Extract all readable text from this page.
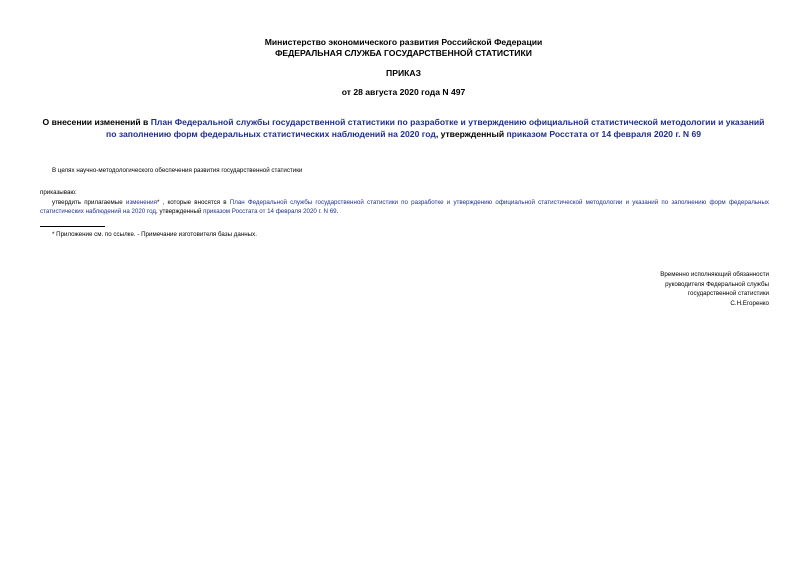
Министерство экономического развития Российской Федерации
ФЕДЕРАЛЬНАЯ СЛУЖБА ГОСУДАРСТВЕННОЙ СТАТИСТИКИ
ПРИКАЗ
от 28 августа 2020 года N 497
О внесении изменений в План Федеральной службы государственной статистики по разработке и утверждению официальной статистической методологии и указаний по заполнению форм федеральных статистических наблюдений на 2020 год, утвержденный приказом Росстата от 14 февраля 2020 г. N 69
В целях научно-методологического обеспечения развития государственной статистики
приказываю:
утвердить прилагаемые изменения* , которые вносятся в План Федеральной службы государственной статистики по разработке и утверждению официальной статистической методологии и указаний по заполнению форм федеральных статистических наблюдений на 2020 год, утвержденный приказом Росстата от 14 февраля 2020 г. N 69.
* Приложение см. по ссылке. - Примечание изготовителя базы данных.
Временно исполняющий обязанности
руководителя Федеральной службы
государственной статистики
С.Н.Егоренко
